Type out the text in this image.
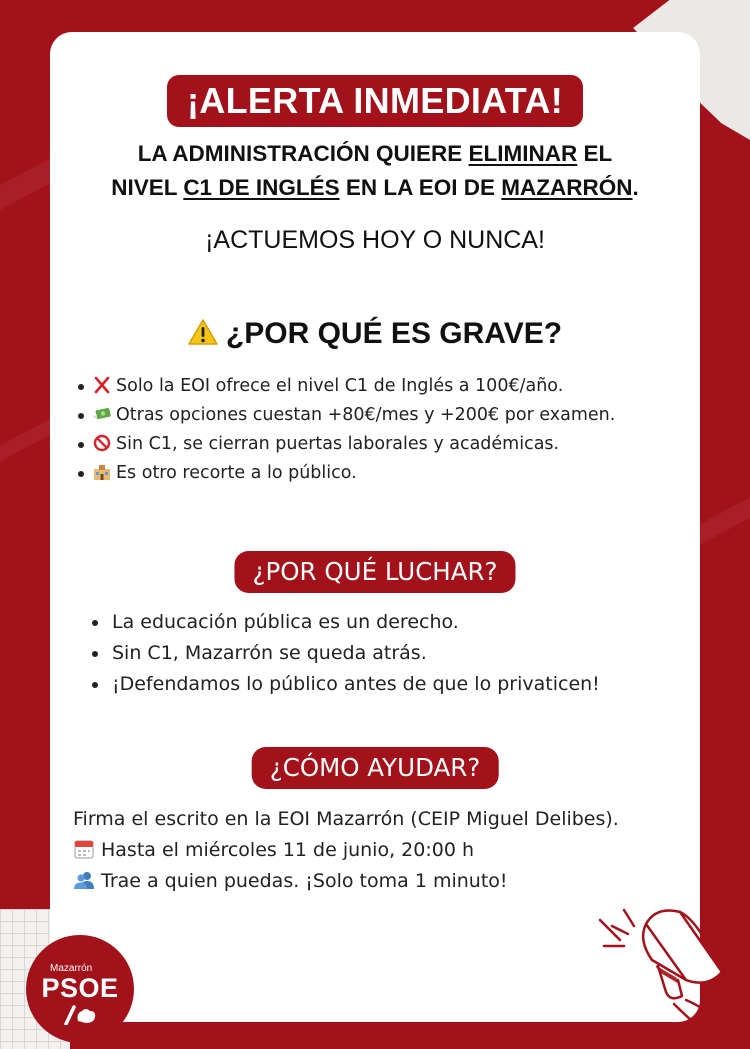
¡ALERTA INMEDIATA!
LA ADMINISTRACIÓN QUIERE ELIMINAR EL
NIVEL C1 DE INGLÉS EN LA EOI DE MAZARRÓN.
¡ACTUEMOS HOY O NUNCA!
¿POR QUÉ ES GRAVE?
Solo la EOI ofrece el nivel C1 de Inglés a 100€/año.
Otras opciones cuestan +80€/mes y +200€ por examen.
Sin C1, se cierran puertas laborales y académicas.
Es otro recorte a lo público.
¿POR QUÉ LUCHAR?
La educación pública es un derecho.
Sin C1, Mazarrón se queda atrás.
¡Defendamos lo público antes de que lo privaticen!
¿CÓMO AYUDAR?
Firma el escrito en la EOI Mazarrón (CEIP Miguel Delibes).
Hasta el miércoles 11 de junio, 20:00 h
Trae a quien puedas. ¡Solo toma 1 minuto!
Mazarrón
PSOE
